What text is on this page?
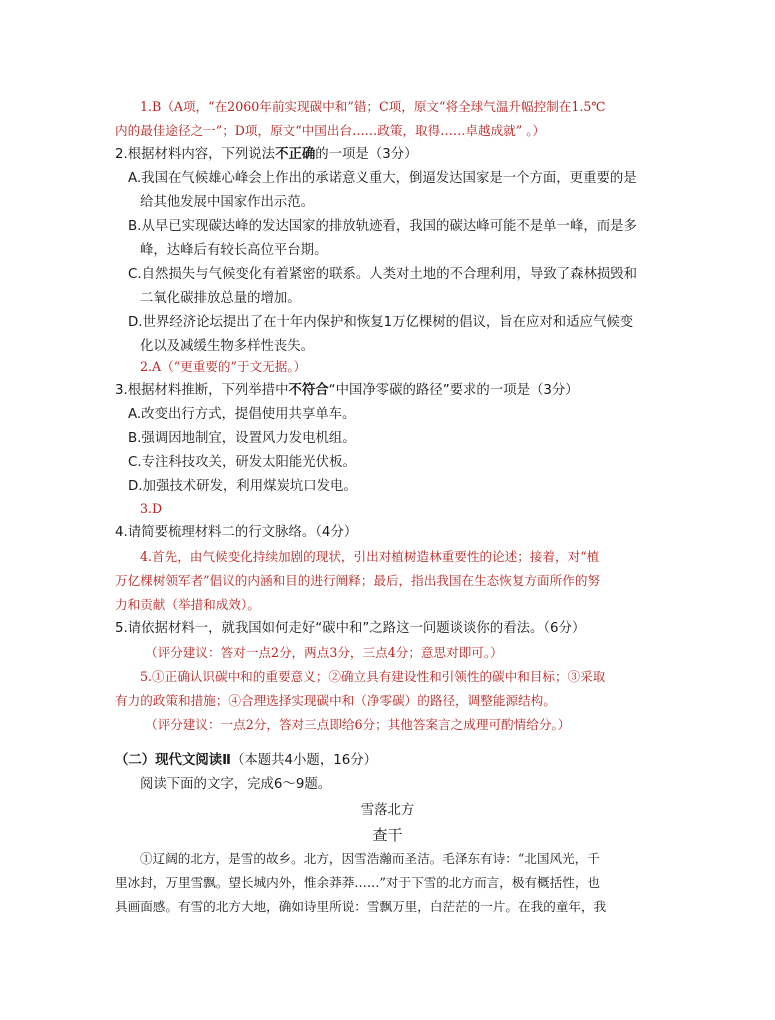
1.B（A项，“在2060年前实现碳中和”错；C项，原文“将全球气温升幅控制在1.5℃
内的最佳途径之一”；D项，原文“中国出台……政策，取得……卓越成就” 。）
2.根据材料内容，下列说法不正确的一项是（3分）
A.我国在气候雄心峰会上作出的承诺意义重大，倒逼发达国家是一个方面，更重要的是
给其他发展中国家作出示范。
B.从早已实现碳达峰的发达国家的排放轨迹看，我国的碳达峰可能不是单一峰，而是多
峰，达峰后有较长高位平台期。
C.自然损失与气候变化有着紧密的联系。人类对土地的不合理利用，导致了森林损毁和
二氧化碳排放总量的增加。
D.世界经济论坛提出了在十年内保护和恢复1万亿棵树的倡议，旨在应对和适应气候变
化以及减缓生物多样性丧失。
2.A（“更重要的”于文无据。）
3.根据材料推断，下列举措中不符合“中国净零碳的路径”要求的一项是（3分）
A.改变出行方式，提倡使用共享单车。
B.强调因地制宜，设置风力发电机组。
C.专注科技攻关，研发太阳能光伏板。
D.加强技术研发，利用煤炭坑口发电。
3.D
4.请简要梳理材料二的行文脉络。（4分）
4.首先，由气候变化持续加剧的现状，引出对植树造林重要性的论述；接着，对“植
万亿棵树领军者”倡议的内涵和目的进行阐释；最后，指出我国在生态恢复方面所作的努
力和贡献（举措和成效）。
5.请依据材料一，就我国如何走好“碳中和”之路这一问题谈谈你的看法。（6分）
（评分建议：答对一点2分，两点3分，三点4分；意思对即可。）
5.①正确认识碳中和的重要意义；②确立具有建设性和引领性的碳中和目标；③采取
有力的政策和措施；④合理选择实现碳中和（净零碳）的路径，调整能源结构。
（评分建议：一点2分，答对三点即给6分；其他答案言之成理可酌情给分。）
（二）现代文阅读Ⅱ（本题共4小题，16分）
阅读下面的文字，完成6～9题。
雪落北方
查干
①辽阔的北方，是雪的故乡。北方，因雪浩瀚而圣洁。毛泽东有诗：“北国风光，千
里冰封，万里雪飘。望长城内外，惟余莽莽……”对于下雪的北方而言，极有概括性，也
具画面感。有雪的北方大地，确如诗里所说：雪飘万里，白茫茫的一片。在我的童年，我
